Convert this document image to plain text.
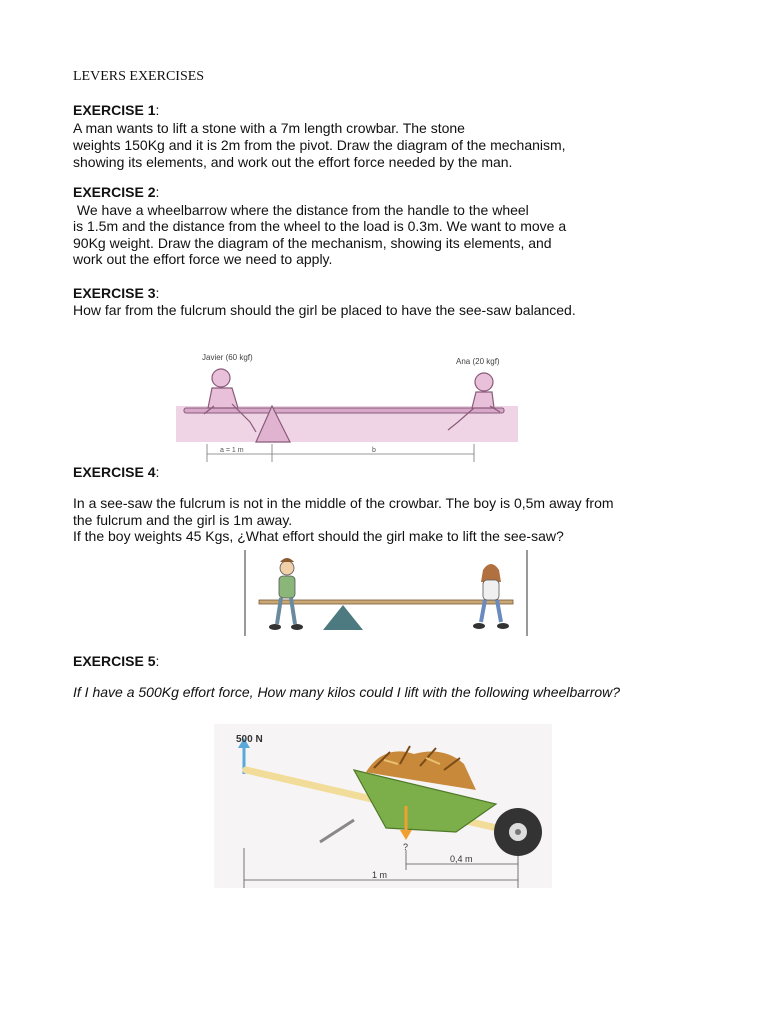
LEVERS EXERCISES
EXERCISE 1:
A man wants to lift a stone with a 7m length crowbar. The stone
weights 150Kg and it is 2m from the pivot. Draw the diagram of the mechanism,
showing its elements, and work out the effort force needed by the man.
EXERCISE 2:
We have a wheelbarrow where the distance from the handle to the wheel
is 1.5m and the distance from the wheel to the load is 0.3m. We want to move a
90Kg weight. Draw the diagram of the mechanism, showing its elements, and
work out the effort force we need to apply.
EXERCISE 3:
How far from the fulcrum should the girl be placed to have the see-saw balanced.
Javier (60 kgf)	Ana (20 kgf)
a = 1 m	b
EXERCISE 4:
In a see-saw the fulcrum is not in the middle of the crowbar. The boy is 0,5m away from
the fulcrum and the girl is 1m away.
If the boy weights 45 Kgs, ¿What effort should the girl make to lift the see-saw?
EXERCISE 5:
If I have a 500Kg effort force, How many kilos could I lift with the following wheelbarrow?
500 N
?
0,4 m
1 m
